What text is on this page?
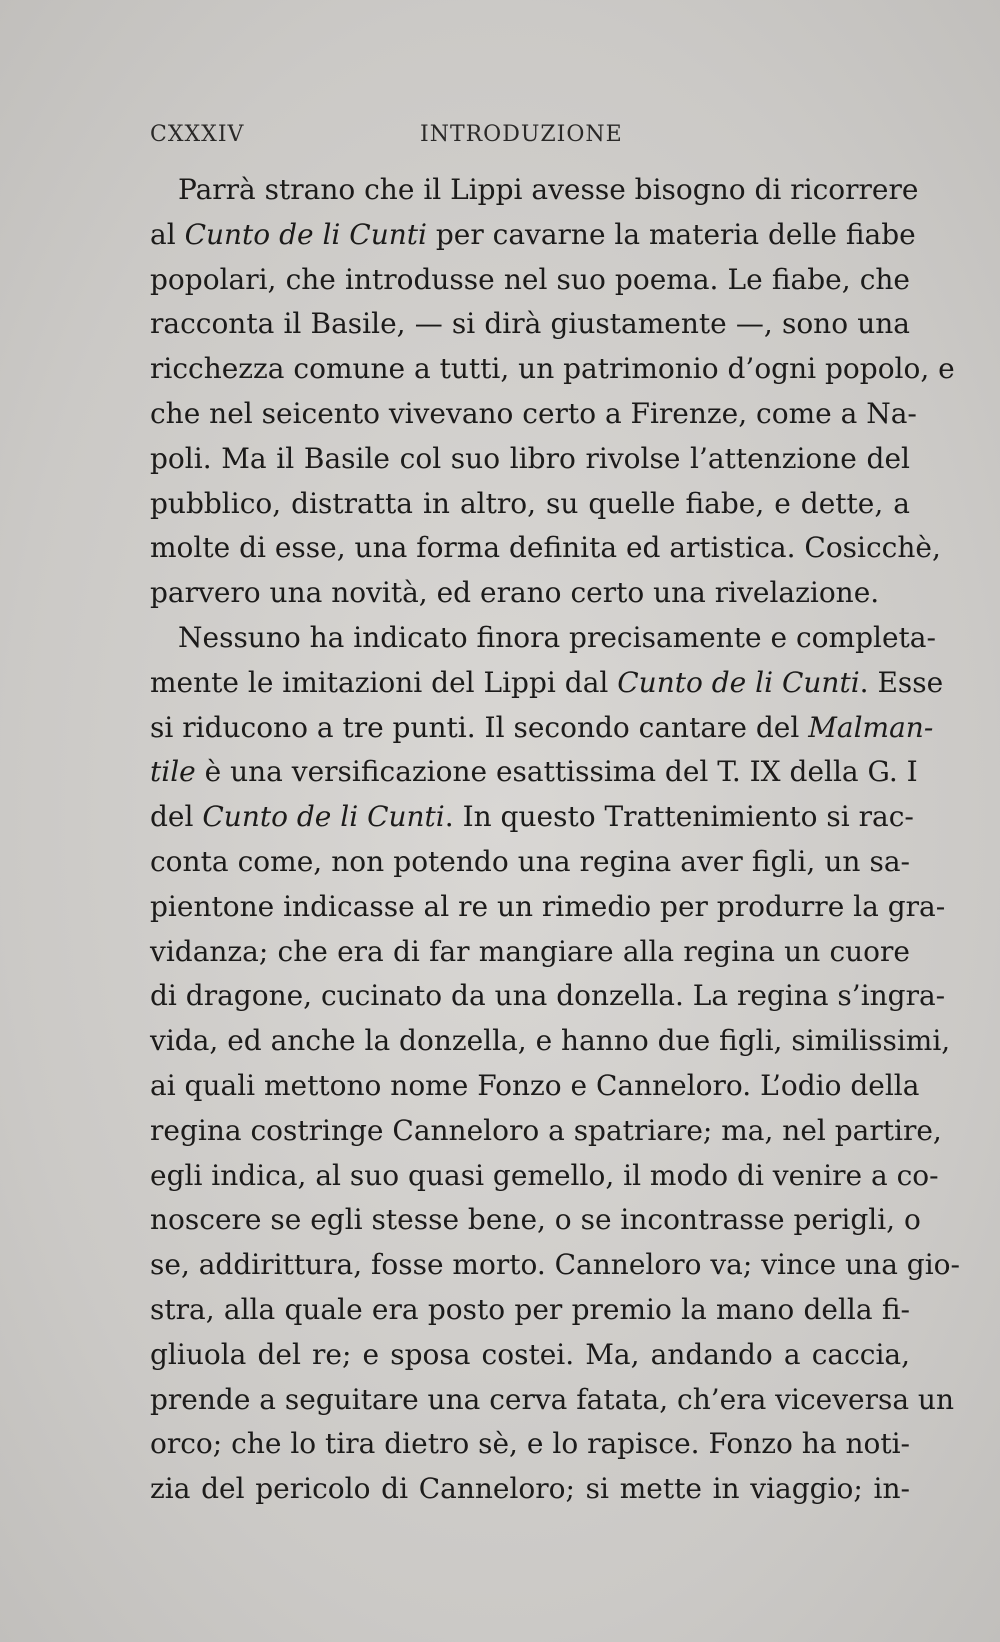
CXXXIV	INTRODUZIONE
Parrà strano che il Lippi avesse bisogno di ricorrere
al Cunto de li Cunti per cavarne la materia delle fiabe
popolari, che introdusse nel suo poema. Le fiabe, che
racconta il Basile, — si dirà giustamente —, sono una
ricchezza comune a tutti, un patrimonio d’ogni popolo, e
che nel seicento vivevano certo a Firenze, come a Na-
poli. Ma il Basile col suo libro rivolse l’attenzione del
pubblico, distratta in altro, su quelle fiabe, e dette, a
molte di esse, una forma definita ed artistica. Cosicchè,
parvero una novità, ed erano certo una rivelazione.
Nessuno ha indicato finora precisamente e completa-
mente le imitazioni del Lippi dal Cunto de li Cunti. Esse
si riducono a tre punti. Il secondo cantare del Malman-
tile è una versificazione esattissima del T. IX della G. I
del Cunto de li Cunti. In questo Trattenimiento si rac-
conta come, non potendo una regina aver figli, un sa-
pientone indicasse al re un rimedio per produrre la gra-
vidanza; che era di far mangiare alla regina un cuore
di dragone, cucinato da una donzella. La regina s’ingra-
vida, ed anche la donzella, e hanno due figli, similissimi,
ai quali mettono nome Fonzo e Canneloro. L’odio della
regina costringe Canneloro a spatriare; ma, nel partire,
egli indica, al suo quasi gemello, il modo di venire a co-
noscere se egli stesse bene, o se incontrasse perigli, o
se, addirittura, fosse morto. Canneloro va; vince una gio-
stra, alla quale era posto per premio la mano della fi-
gliuola del re; e sposa costei. Ma, andando a caccia,
prende a seguitare una cerva fatata, ch’era viceversa un
orco; che lo tira dietro sè, e lo rapisce. Fonzo ha noti-
zia del pericolo di Canneloro; si mette in viaggio; in-
